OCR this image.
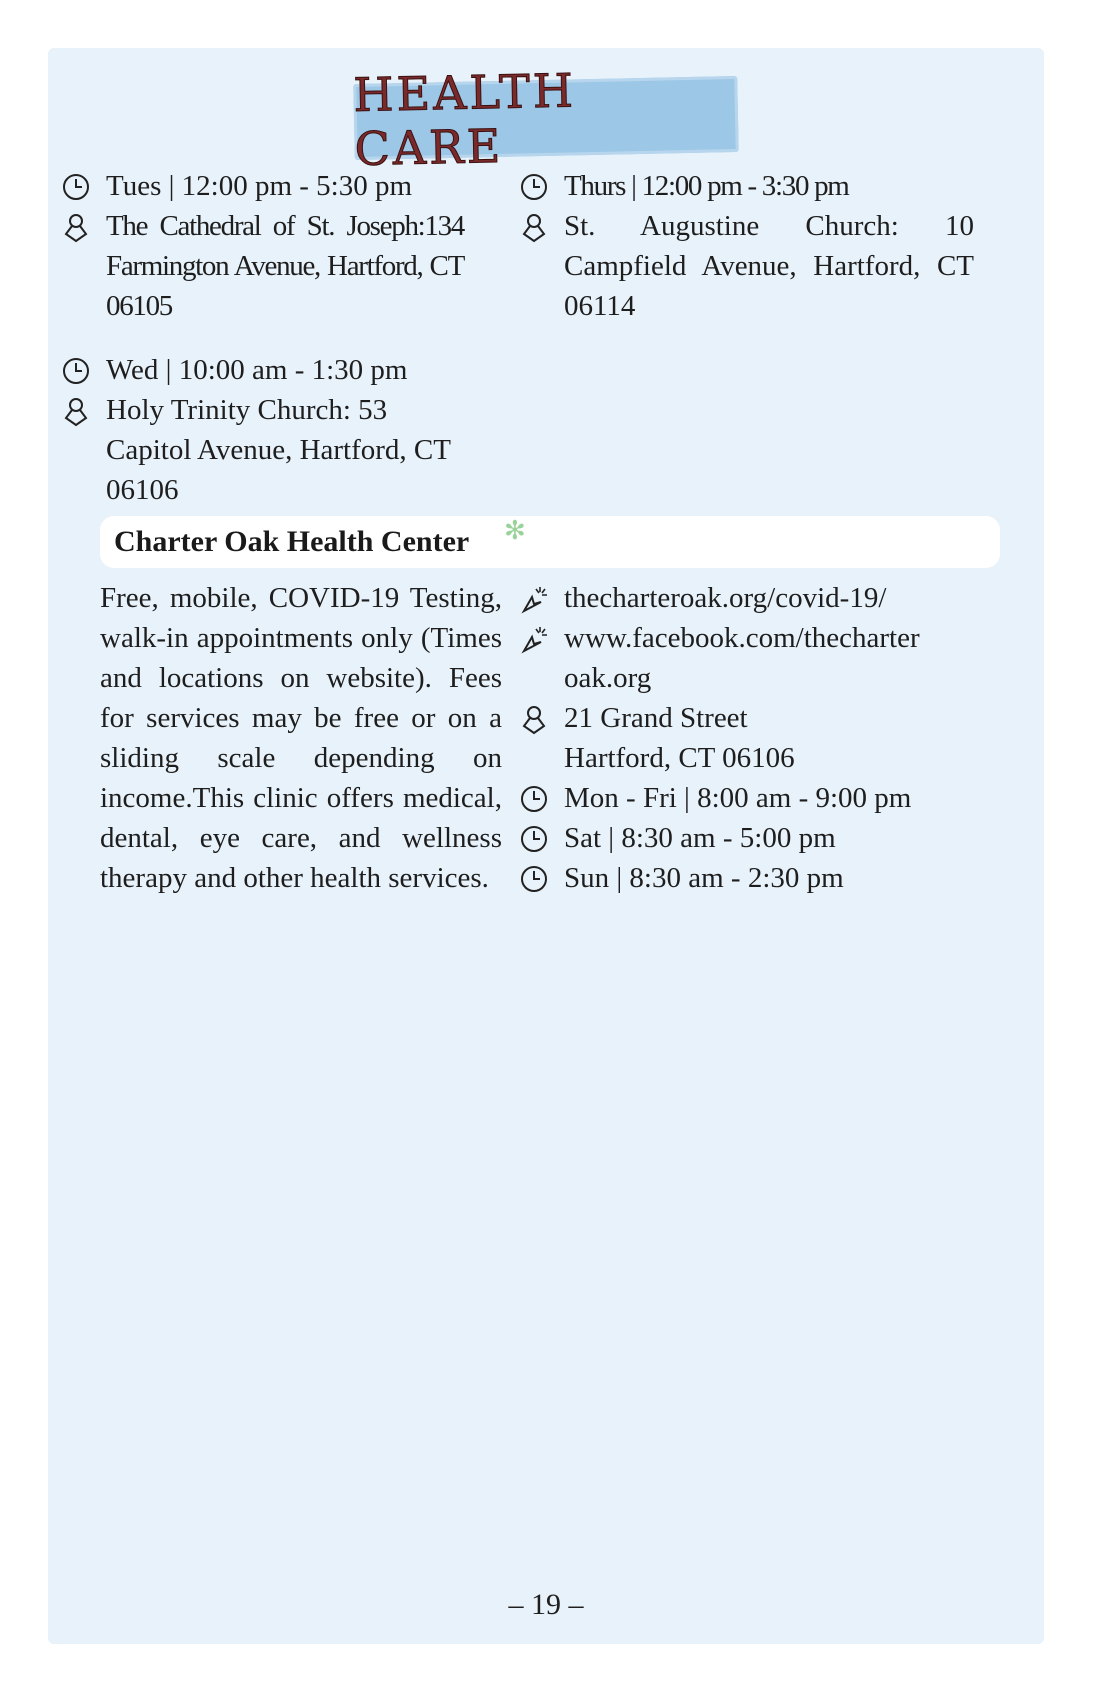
HEALTH CARE
Tues | 12:00 pm - 5:30 pm
The Cathedral of St. Joseph:134 Farmington Avenue, Hartford, CT 06105
Thurs | 12:00 pm - 3:30 pm
St. Augustine Church: 10 Campfield Avenue, Hartford, CT 06114
Wed | 10:00 am - 1:30 pm
Holy Trinity Church: 53 Capitol Avenue, Hartford, CT 06106
Charter Oak Health Center ✻
Free, mobile, COVID-19 Testing, walk-in appointments only (Times and locations on website). Fees for services may be free or on a sliding scale depending on income.This clinic offers medical, dental, eye care, and wellness therapy and other health services.
thecharteroak.org/covid-19/
www.facebook.com/thecharter oak.org
21 Grand Street
Hartford, CT 06106
Mon - Fri | 8:00 am - 9:00 pm
Sat | 8:30 am - 5:00 pm
Sun | 8:30 am - 2:30 pm
– 19 –
